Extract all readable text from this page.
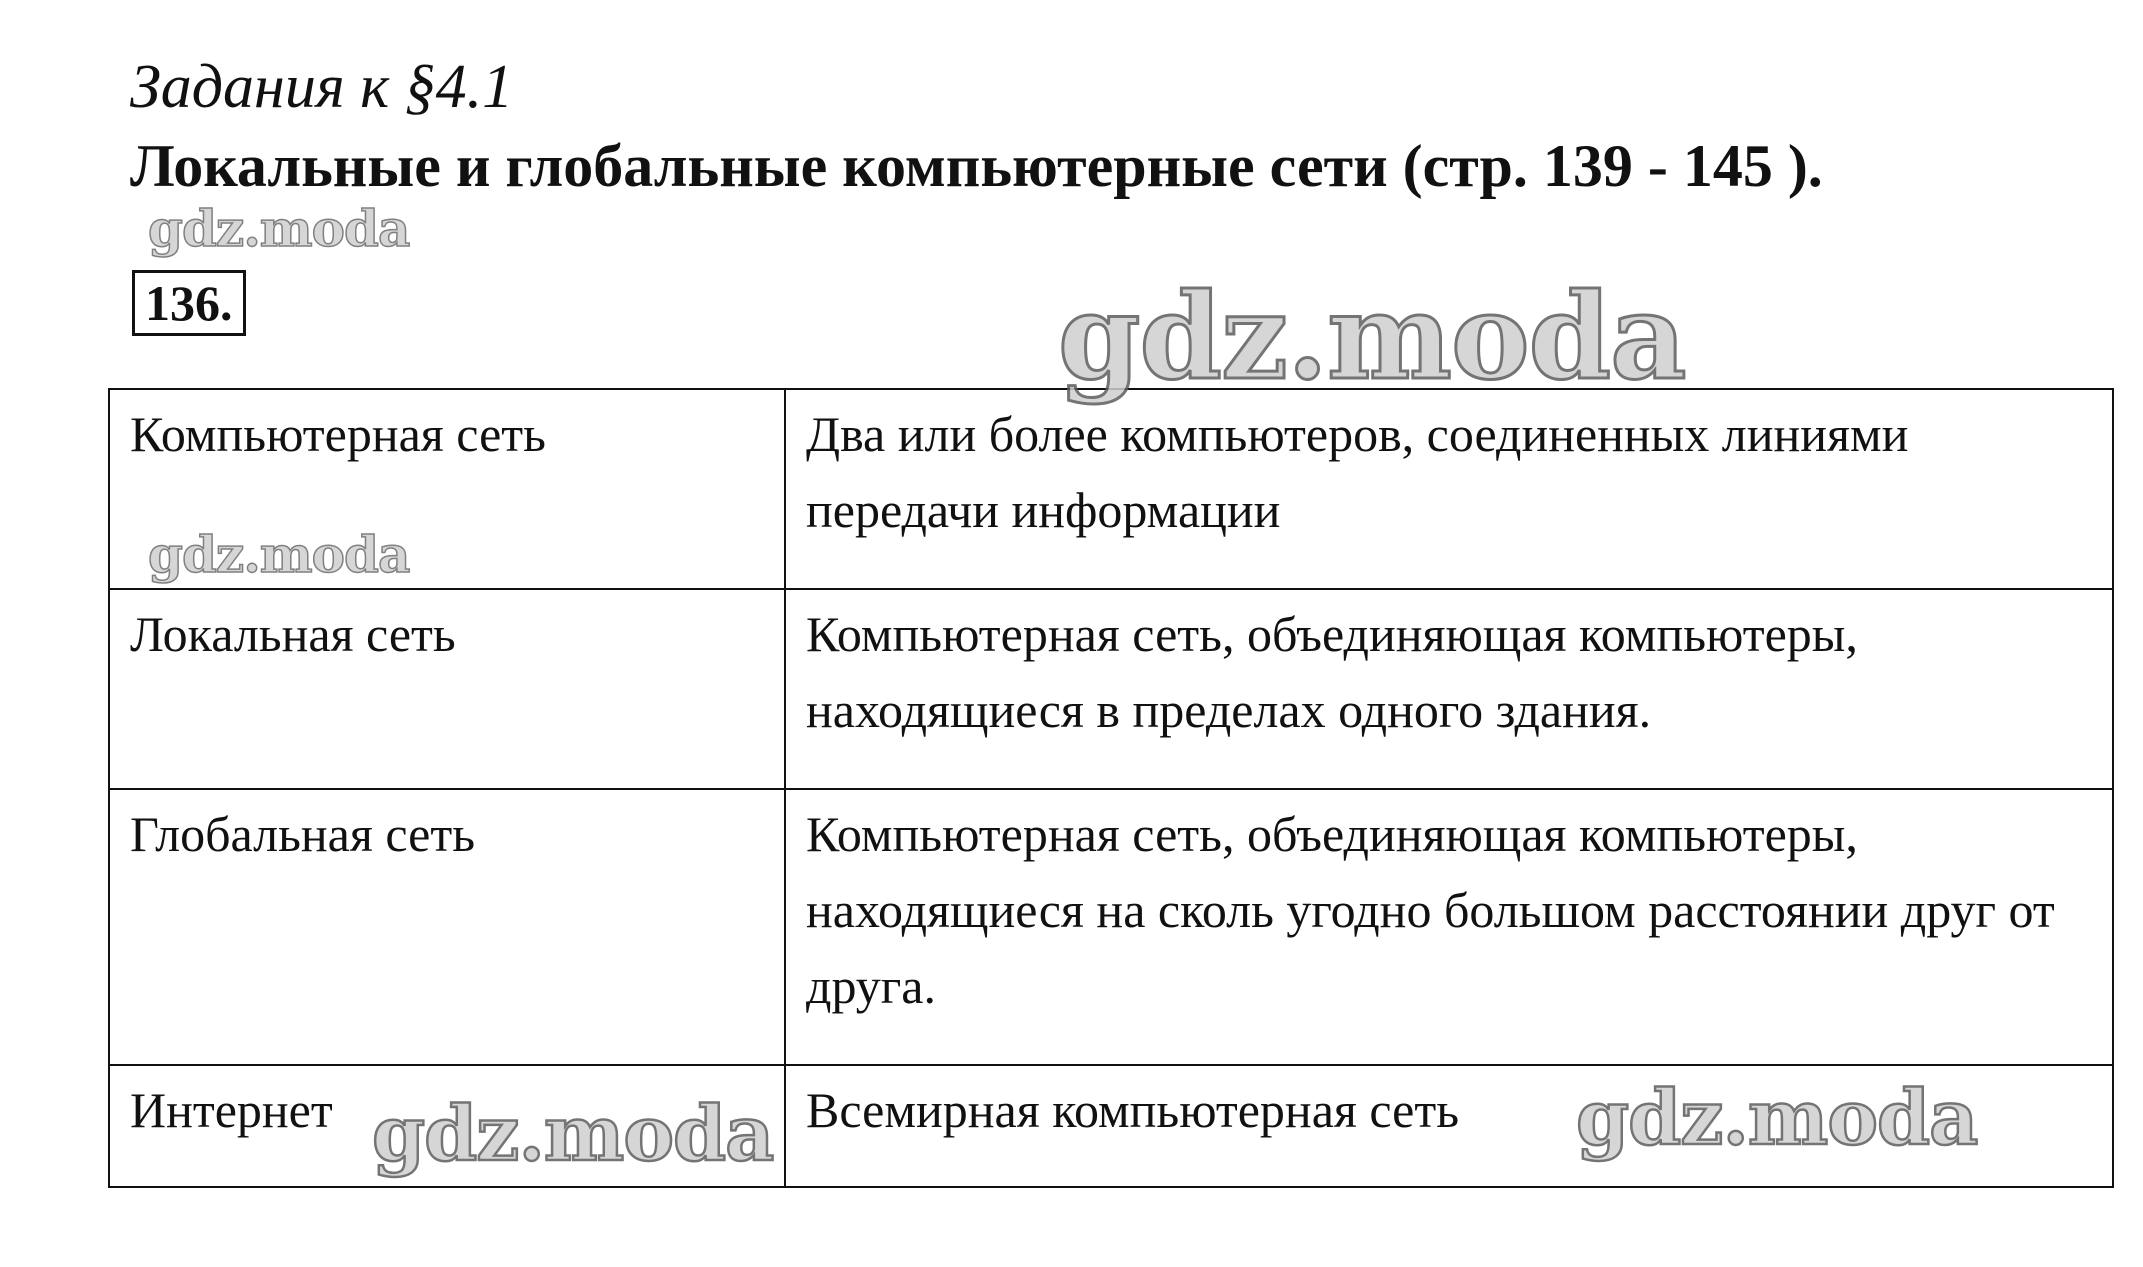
Задания к §4.1
Локальные и глобальные компьютерные сети (стр. 139 - 145 ).
gdz.moda
136.
Компьютерная сеть	Два или более компьютеров, соединенных линиями передачи информации
Локальная сеть	Компьютерная сеть, объединяющая компьютеры, находящиеся в пределах одного здания.
Глобальная сеть	Компьютерная сеть, объединяющая компьютеры, находящиеся на сколь угодно большом расстоянии друг от друга.
Интернет	Всемирная компьютерная сеть
gdz.moda
gdz.moda
gdz.moda	gdz.moda
